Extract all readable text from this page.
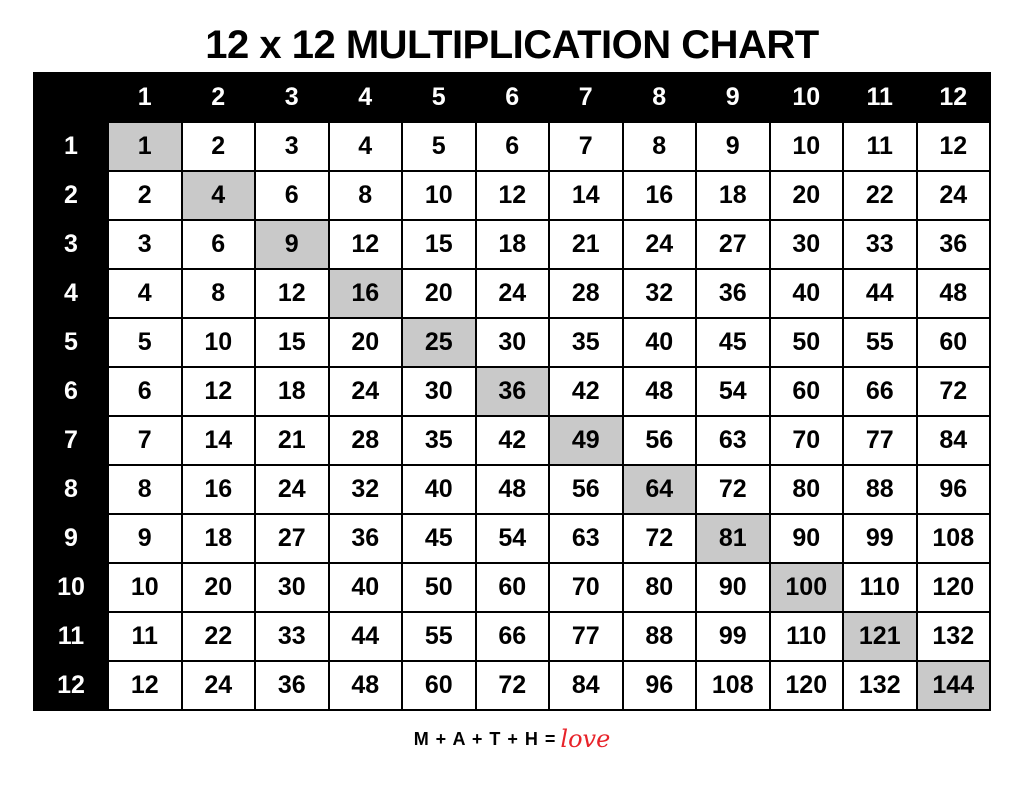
12 x 12 MULTIPLICATION CHART
	1	2	3	4	5	6	7	8	9	10	11	12
1	1	2	3	4	5	6	7	8	9	10	11	12
2	2	4	6	8	10	12	14	16	18	20	22	24
3	3	6	9	12	15	18	21	24	27	30	33	36
4	4	8	12	16	20	24	28	32	36	40	44	48
5	5	10	15	20	25	30	35	40	45	50	55	60
6	6	12	18	24	30	36	42	48	54	60	66	72
7	7	14	21	28	35	42	49	56	63	70	77	84
8	8	16	24	32	40	48	56	64	72	80	88	96
9	9	18	27	36	45	54	63	72	81	90	99	108
10	10	20	30	40	50	60	70	80	90	100	110	120
11	11	22	33	44	55	66	77	88	99	110	121	132
12	12	24	36	48	60	72	84	96	108	120	132	144
M + A + T + H = love
